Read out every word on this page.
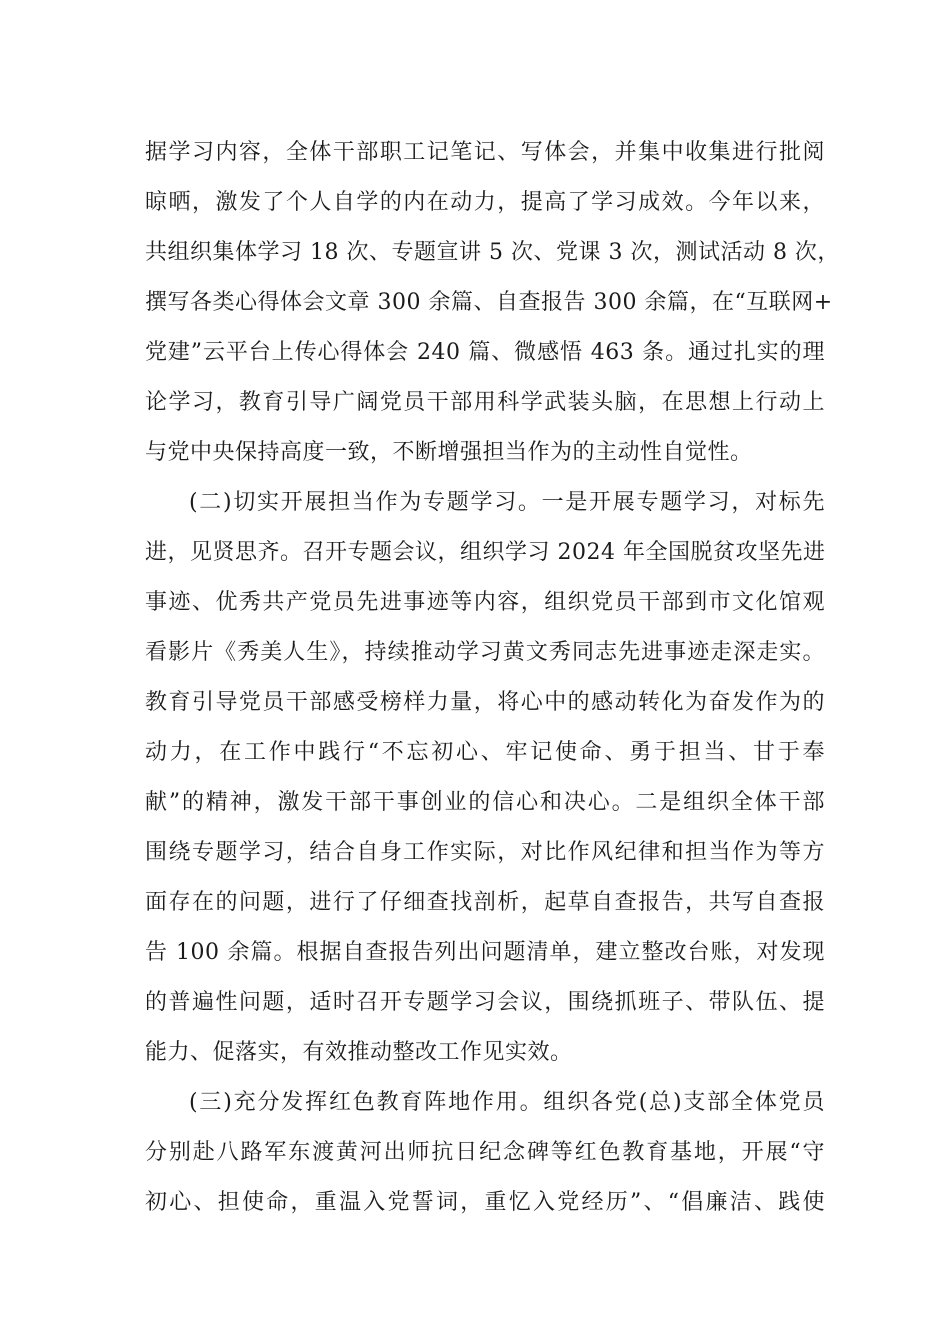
据学习内容，全体干部职工记笔记、写体会，并集中收集进行批阅
晾晒，激发了个人自学的内在动力，提高了学习成效。今年以来，
共组织集体学习 18 次、专题宣讲 5 次、党课 3 次，测试活动 8 次，
撰写各类心得体会文章 300 余篇、自查报告 300 余篇，在“互联网+
党建”云平台上传心得体会 240 篇、微感悟 463 条。通过扎实的理
论学习，教育引导广阔党员干部用科学武装头脑，在思想上行动上
与党中央保持高度一致，不断增强担当作为的主动性自觉性。
(二)切实开展担当作为专题学习。一是开展专题学习，对标先
进，见贤思齐。召开专题会议，组织学习 2024 年全国脱贫攻坚先进
事迹、优秀共产党员先进事迹等内容，组织党员干部到市文化馆观
看影片《秀美人生》，持续推动学习黄文秀同志先进事迹走深走实。
教育引导党员干部感受榜样力量，将心中的感动转化为奋发作为的
动力，在工作中践行“不忘初心、牢记使命、勇于担当、甘于奉
献”的精神，激发干部干事创业的信心和决心。二是组织全体干部
围绕专题学习，结合自身工作实际，对比作风纪律和担当作为等方
面存在的问题，进行了仔细查找剖析，起草自查报告，共写自查报
告 100 余篇。根据自查报告列出问题清单，建立整改台账，对发现
的普遍性问题，适时召开专题学习会议，围绕抓班子、带队伍、提
能力、促落实，有效推动整改工作见实效。
(三)充分发挥红色教育阵地作用。组织各党(总)支部全体党员
分别赴八路军东渡黄河出师抗日纪念碑等红色教育基地，开展“守
初心、担使命，重温入党誓词，重忆入党经历”、“倡廉洁、践使
